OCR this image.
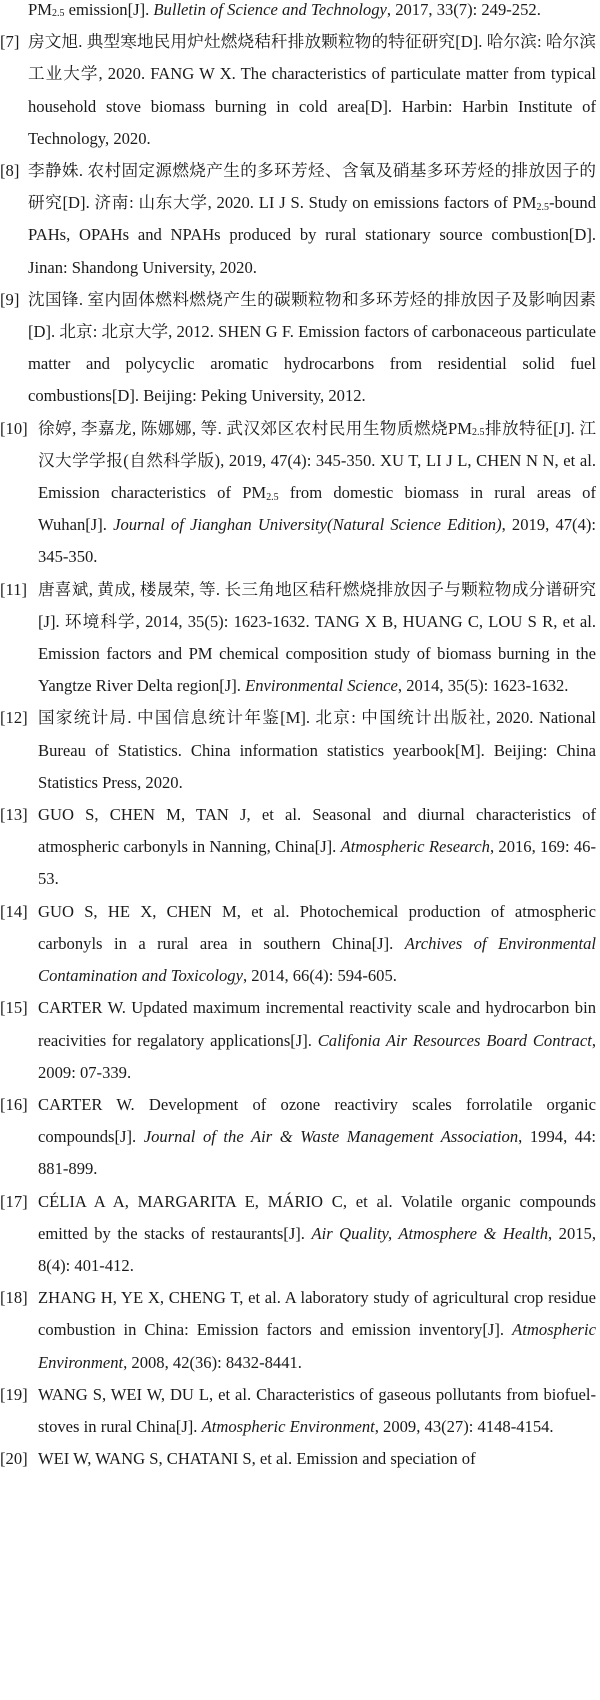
$PM_{2.5}$ emission[J]. Bulletin of Science and Technology, 2017, 33(7): 249-252.

[7] 房文旭. 典型寒地民用炉灶燃烧秸秆排放颗粒物的特征研究[D]. 哈尔滨: 哈尔滨工业大学, 2020. FANG W X. The characteristics of particulate matter from typical household stove biomass burning in cold area[D]. Harbin: Harbin Institute of Technology, 2020.

[8] 李静姝. 农村固定源燃烧产生的多环芳烃、含氧及硝基多环芳烃的排放因子的研究[D]. 济南: 山东大学, 2020. LI J S. Study on emissions factors of $PM_{2.5}$-bound PAHs, OPAHs and NPAHs produced by rural stationary source combustion[D]. Jinan: Shandong University, 2020.

[9] 沈国锋. 室内固体燃料燃烧产生的碳颗粒物和多环芳烃的排放因子及影响因素[D]. 北京: 北京大学, 2012. SHEN G F. Emission factors of carbonaceous particulate matter and polycyclic aromatic hydrocarbons from residential solid fuel combustions[D]. Beijing: Peking University, 2012.

[10] 徐婷, 李嘉龙, 陈娜娜, 等. 武汉郊区农村民用生物质燃烧$PM_{2.5}$排放特征[J]. 江汉大学学报(自然科学版), 2019, 47(4): 345-350. XU T, LI J L, CHEN N N, et al. Emission characteristics of $PM_{2.5}$ from domestic biomass in rural areas of Wuhan[J]. Journal of Jianghan University(Natural Science Edition), 2019, 47(4): 345-350.

[11] 唐喜斌, 黄成, 楼晟荣, 等. 长三角地区秸秆燃烧排放因子与颗粒物成分谱研究[J]. 环境科学, 2014, 35(5): 1623-1632. TANG X B, HUANG C, LOU S R, et al. Emission factors and PM chemical composition study of biomass burning in the Yangtze River Delta region[J]. Environmental Science, 2014, 35(5): 1623-1632.

[12] 国家统计局. 中国信息统计年鉴[M]. 北京: 中国统计出版社, 2020. National Bureau of Statistics. China information statistics yearbook[M]. Beijing: China Statistics Press, 2020.

[13] GUO S, CHEN M, TAN J, et al. Seasonal and diurnal characteristics of atmospheric carbonyls in Nanning, China[J]. Atmospheric Research, 2016, 169: 46-53.

[14] GUO S, HE X, CHEN M, et al. Photochemical production of atmospheric carbonyls in a rural area in southern China[J]. Archives of Environmental Contamination and Toxicology, 2014, 66(4): 594-605.

[15] CARTER W. Updated maximum incremental reactivity scale and hydrocarbon bin reacivities for regalatory applications[J]. Califonia Air Resources Board Contract, 2009: 07-339.

[16] CARTER W. Development of ozone reactiviry scales forrolatile organic compounds[J]. Journal of the Air & Waste Management Association, 1994, 44: 881-899.

[17] CÉLIA A A, MARGARITA E, MÁRIO C, et al. Volatile organic compounds emitted by the stacks of restaurants[J]. Air Quality, Atmosphere & Health, 2015, 8(4): 401-412.

[18] ZHANG H, YE X, CHENG T, et al. A laboratory study of agricultural crop residue combustion in China: Emission factors and emission inventory[J]. Atmospheric Environment, 2008, 42(36): 8432-8441.

[19] WANG S, WEI W, DU L, et al. Characteristics of gaseous pollutants from biofuel-stoves in rural China[J]. Atmospheric Environment, 2009, 43(27): 4148-4154.

[20] WEI W, WANG S, CHATANI S, et al. Emission and speciation of
